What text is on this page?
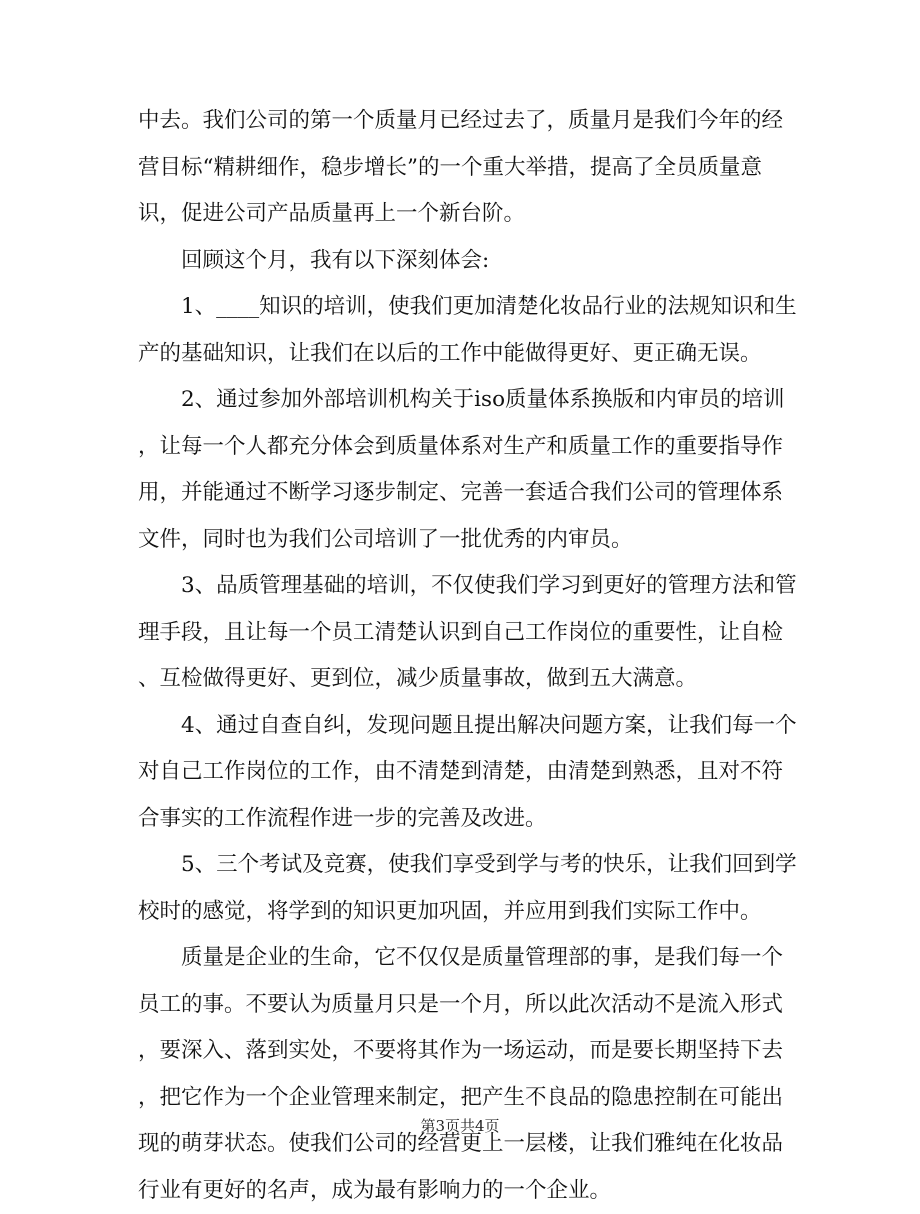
中去。我们公司的第一个质量月已经过去了，质量月是我们今年的经
营目标“精耕细作，稳步增长”的一个重大举措，提高了全员质量意
识，促进公司产品质量再上一个新台阶。
　　回顾这个月，我有以下深刻体会:
　　1、____知识的培训，使我们更加清楚化妆品行业的法规知识和生
产的基础知识，让我们在以后的工作中能做得更好、更正确无误。
　　2、通过参加外部培训机构关于iso质量体系换版和内审员的培训
，让每一个人都充分体会到质量体系对生产和质量工作的重要指导作
用，并能通过不断学习逐步制定、完善一套适合我们公司的管理体系
文件，同时也为我们公司培训了一批优秀的内审员。
　　3、品质管理基础的培训，不仅使我们学习到更好的管理方法和管
理手段，且让每一个员工清楚认识到自己工作岗位的重要性，让自检
、互检做得更好、更到位，减少质量事故，做到五大满意。
　　4、通过自查自纠，发现问题且提出解决问题方案，让我们每一个
对自己工作岗位的工作，由不清楚到清楚，由清楚到熟悉，且对不符
合事实的工作流程作进一步的完善及改进。
　　5、三个考试及竞赛，使我们享受到学与考的快乐，让我们回到学
校时的感觉，将学到的知识更加巩固，并应用到我们实际工作中。
　　质量是企业的生命，它不仅仅是质量管理部的事，是我们每一个
员工的事。不要认为质量月只是一个月，所以此次活动不是流入形式
，要深入、落到实处，不要将其作为一场运动，而是要长期坚持下去
，把它作为一个企业管理来制定，把产生不良品的隐患控制在可能出
现的萌芽状态。使我们公司的经营更上一层楼，让我们雅纯在化妆品
行业有更好的名声，成为最有影响力的一个企业。
第3页共4页
